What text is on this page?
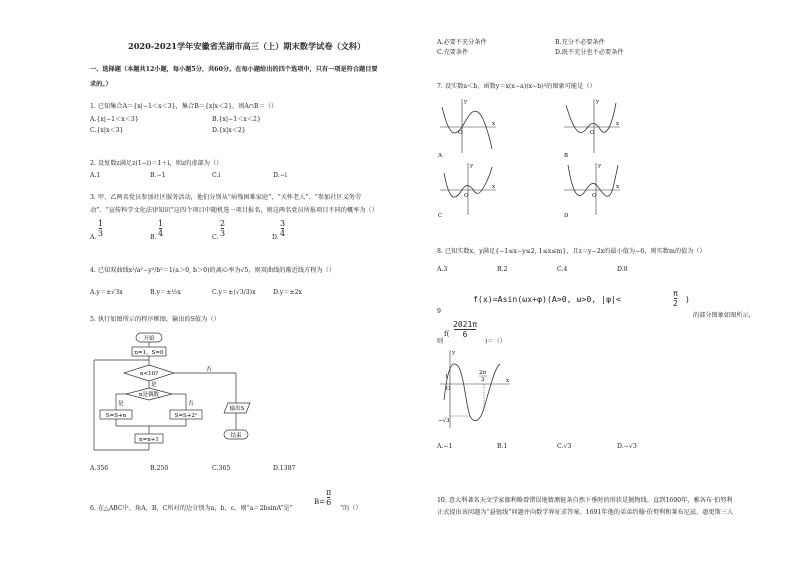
2020-2021学年安徽省芜湖市高三（上）期末数学试卷（文科）
一、选择题（本题共12小题，每小题5分，共60分。在每小题给出的四个选项中，只有一项是符合题目要
求的。）
1. 已知集合A＝{x|−1＜x＜3}，集合B＝{x|x＜2}，则A∩B＝（）
A.{x|−1＜x＜3}	B.{x|−1＜x＜2}
C.{x|x＜3}	D.{x|x＜2}
2. 设复数z满足z(1−i)＝1＋i，则z的虚部为（）
A.1	B.−1	C.i	D.−i
3. 甲、乙两名党员参加社区服务活动，他们分别从“病残困难家庭”、“关怀老人”、“参加社区义务劳
动”、“宣传科学文化法律知识”这四个项目中随机选一项目报名，则这两名党员所报项目不同的概率为（）
A.
1
3	B.
1
4	C.
2
3	D.
3
4
4. 已知双曲线x²/a²−y²/b²＝1(a＞0, b＞0)的离心率为√5，则双曲线的渐近线方程为（）
A.y＝±√3x	B.y＝±½x	C.y＝±(√3/3)x	D.y＝±2x
5. 执行如图所示的程序框图，输出的S值为（）
开始
n=1，S=0
n<10?
否
是
n是偶数
是	否
S=S+n	S=S+2ⁿ
n=n+1
输出S
结束
A.356	B.250	C.365	D.1387
6. 在△ABC中，角A，B，C所对的边分别为a，b，c，则“a＝2bsinA”是“
B=
π
6
”的（）
A.必要不充分条件	B.充分不必要条件
C.充要条件	D.既不充分也不必要条件
7. 设实数a＜b，函数y＝x(x−a)(x−b)²的图象可能是（）
O
x
y
A
O
x
y
B
O
x
y
C
O
x
y
D
8. 已知实数x，y满足{−1≤x−y≤2, 1≤x≤m}，且z＝y−2x的最小值为−6，则实数m的值为（）
A.3	B.2	C.4	D.8
9
f(x)=Asin(ωx+φ)(A>0, ω>0, |φ|<
π
2 )
的部分图象如图所示，
则
f(
2021π
6
)＝（）
x
y
O
2π
3
1
−√3
A.−1	B.1	C.√3	D.−√3
10. 意大利著名天文学家伽利略曾错误地猜测链条自然下垂时的形状是抛物线。直到1690年，雅各布·伯努利
正式提出该问题为“悬链线”问题并向数学界征求答案。1691年他的弟弟约翰·伯努利和莱布尼兹、惠更斯三人
